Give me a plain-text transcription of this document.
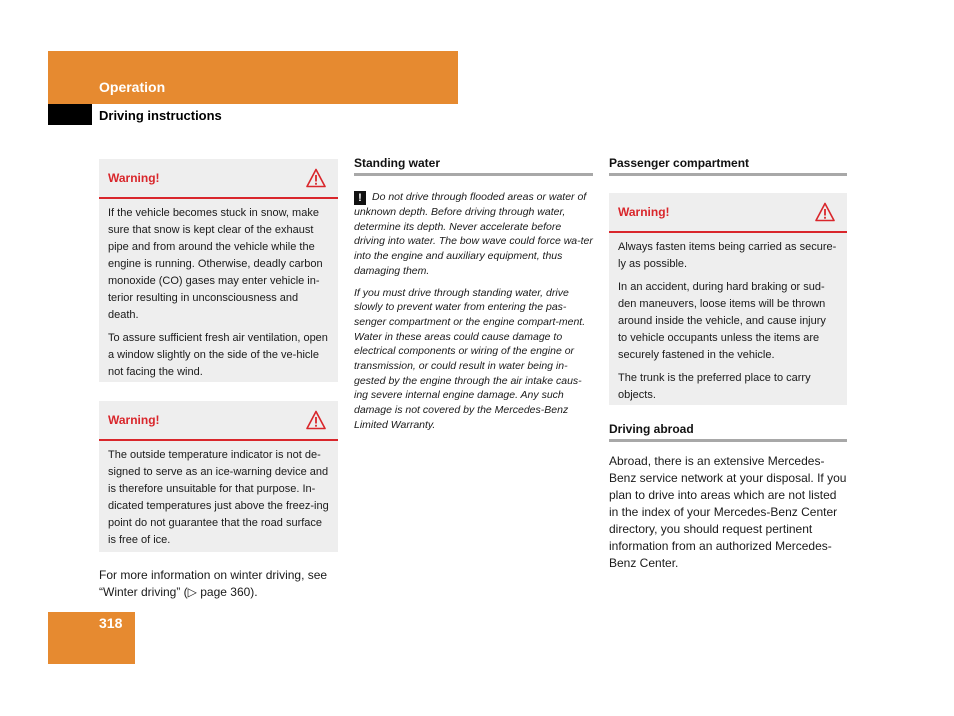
Operation
Driving instructions
Warning!

If the vehicle becomes stuck in snow, make sure that snow is kept clear of the exhaust pipe and from around the vehicle while the engine is running. Otherwise, deadly carbon monoxide (CO) gases may enter vehicle in-terior resulting in unconsciousness and death.

To assure sufficient fresh air ventilation, open a window slightly on the side of the ve-hicle not facing the wind.

Warning!

The outside temperature indicator is not de-signed to serve as an ice-warning device and is therefore unsuitable for that purpose. In-dicated temperatures just above the freez-ing point do not guarantee that the road surface is free of ice.

For more information on winter driving, see “Winter driving” (▷ page 360).
Standing water

! Do not drive through flooded areas or water of unknown depth. Before driving through water, determine its depth. Never accelerate before driving into water. The bow wave could force wa-ter into the engine and auxiliary equipment, thus damaging them.

If you must drive through standing water, drive slowly to prevent water from entering the pas-senger compartment or the engine compart-ment. Water in these areas could cause damage to electrical components or wiring of the engine or transmission, or could result in water being in-gested by the engine through the air intake caus-ing severe internal engine damage. Any such damage is not covered by the Mercedes-Benz Limited Warranty.

Passenger compartment
Warning!

Always fasten items being carried as secure-ly as possible.

In an accident, during hard braking or sud-den maneuvers, loose items will be thrown around inside the vehicle, and cause injury to vehicle occupants unless the items are securely fastened in the vehicle.

The trunk is the preferred place to carry objects.

Driving abroad
Abroad, there is an extensive Mercedes-Benz service network at your disposal. If you plan to drive into areas which are not listed in the index of your Mercedes-Benz Center directory, you should request pertinent information from an authorized Mercedes-Benz Center.
318
